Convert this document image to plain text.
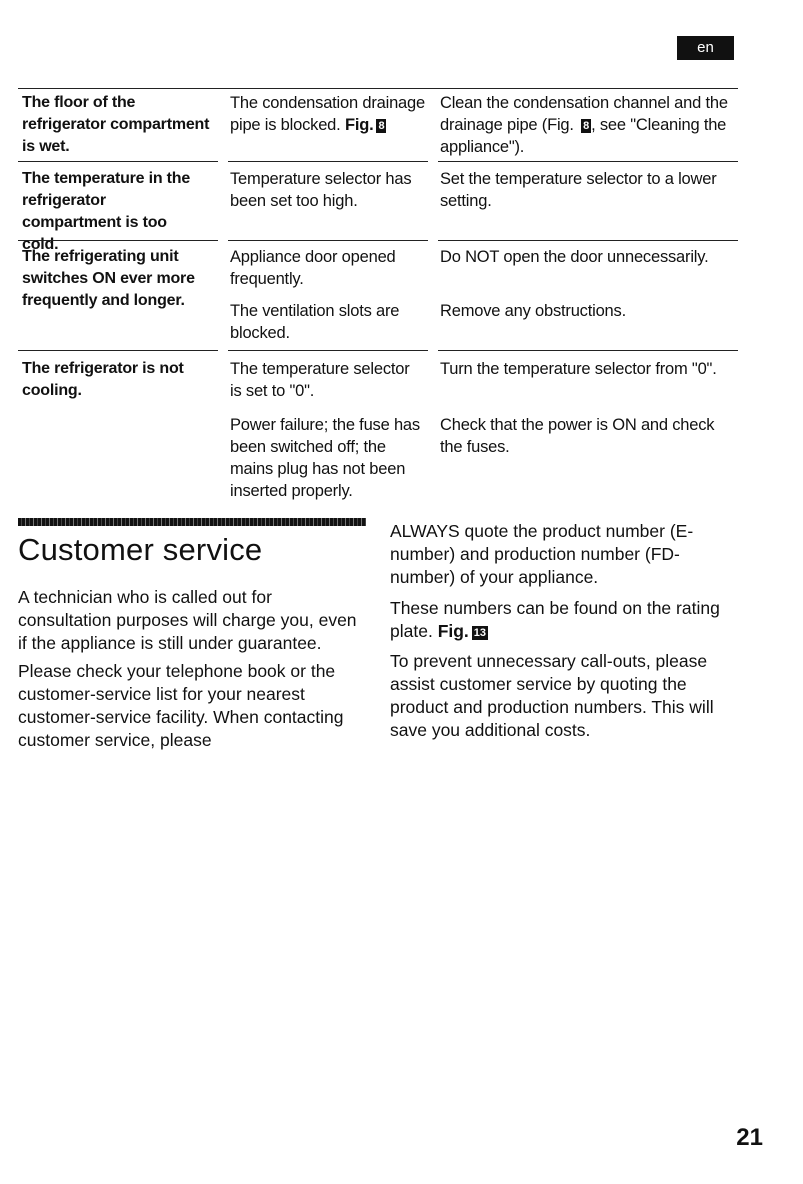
en
The floor of the refrigerator compartment is wet.
The condensation drainage pipe is blocked. Fig. 8
Clean the condensation channel and the drainage pipe (Fig. 8 , see "Cleaning the appliance").
The temperature in the refrigerator compartment is too cold.
Temperature selector has been set too high.
Set the temperature selector to a lower setting.
The refrigerating unit switches ON ever more frequently and longer.
Appliance door opened frequently.
The ventilation slots are blocked.
Do NOT open the door unnecessarily.
Remove any obstructions.
The refrigerator is not cooling.
The temperature selector is set to "0".
Power failure; the fuse has been switched off; the mains plug has not been inserted properly.
Turn the temperature selector from "0".
Check that the power is ON and check the fuses.
Customer service

A technician who is called out for consultation purposes will charge you, even if the appliance is still under guarantee.

Please check your telephone book or the customer-service list for your nearest customer-service facility. When contacting customer service, please

ALWAYS quote the product number (E-number) and production number (FD-number) of your appliance.

These numbers can be found on the rating plate. Fig. 13

To prevent unnecessary call-outs, please assist customer service by quoting the product and production numbers. This will save you additional costs.

21
